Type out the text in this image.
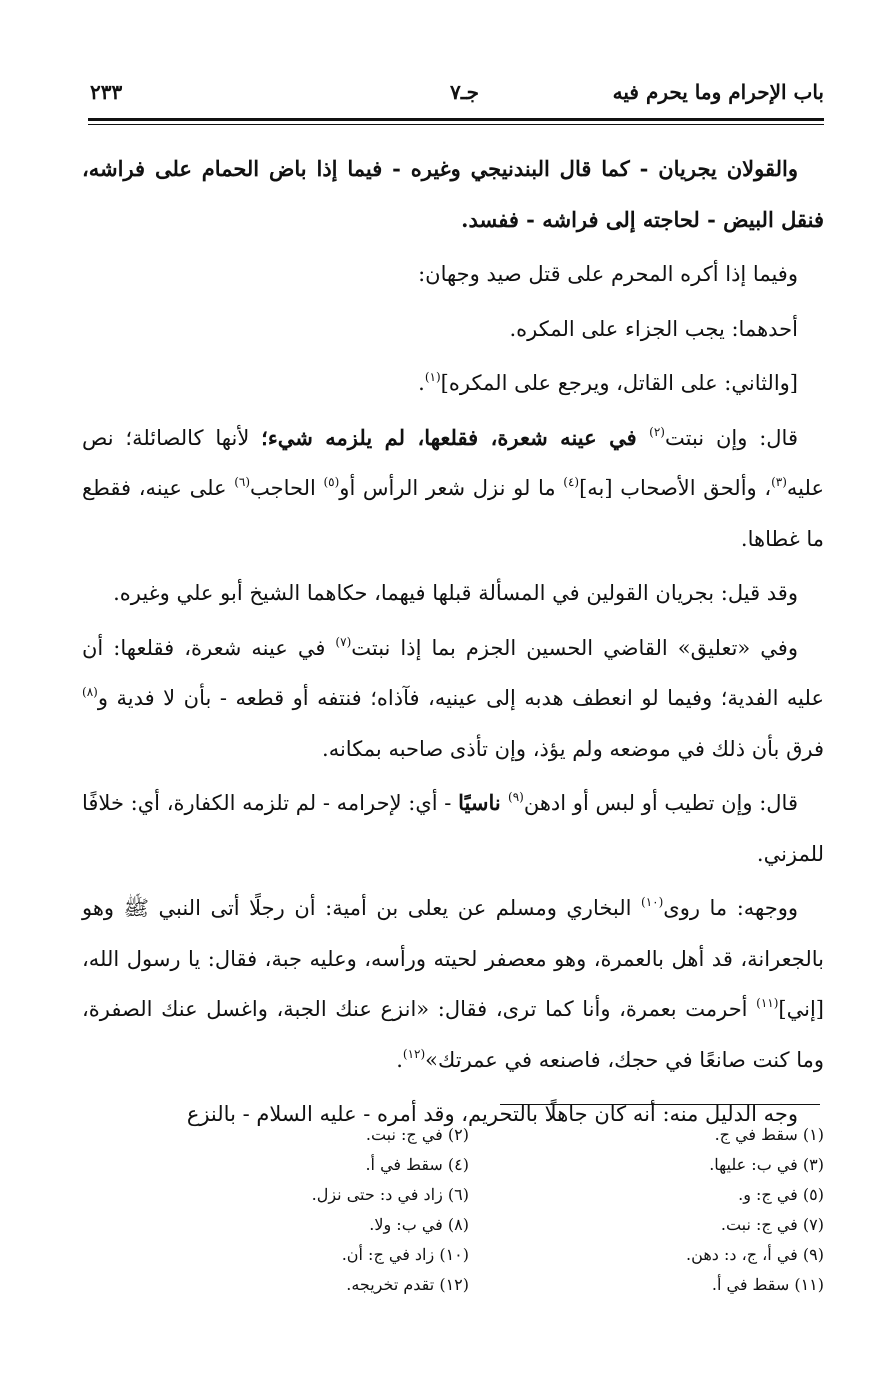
باب الإحرام وما يحرم فيه
جـ٧
٢٣٣

والقولان يجريان - كما قال البندنيجي وغيره - فيما إذا باض الحمام على فراشه، فنقل البيض - لحاجته إلى فراشه - ففسد.

وفيما إذا أكره المحرم على قتل صيد وجهان:

أحدهما: يجب الجزاء على المكره.

[والثاني: على القاتل، ويرجع على المكره]$^{(١)}$.

قال: وإن نبتت$^{(٢)}$ في عينه شعرة، فقلعها، لم يلزمه شيء؛ لأنها كالصائلة؛ نص عليه$^{(٣)}$، وألحق الأصحاب [به]$^{(٤)}$ ما لو نزل شعر الرأس أو$^{(٥)}$ الحاجب$^{(٦)}$ على عينه، فقطع ما غطاها.

وقد قيل: بجريان القولين في المسألة قبلها فيهما، حكاهما الشيخ أبو علي وغيره.

وفي «تعليق» القاضي الحسين الجزم بما إذا نبتت$^{(٧)}$ في عينه شعرة، فقلعها: أن عليه الفدية؛ وفيما لو انعطف هدبه إلى عينيه، فآذاه؛ فنتفه أو قطعه - بأن لا فدية و$^{(٨)}$ فرق بأن ذلك في موضعه ولم يؤذ، وإن تأذى صاحبه بمكانه.

قال: وإن تطيب أو لبس أو ادهن$^{(٩)}$ ناسيًا - أي: لإحرامه - لم تلزمه الكفارة، أي: خلافًا للمزني.

ووجهه: ما روى$^{(١٠)}$ البخاري ومسلم عن يعلى بن أمية: أن رجلًا أتى النبي ﷺ وهو بالجعرانة، قد أهل بالعمرة، وهو معصفر لحيته ورأسه، وعليه جبة، فقال: يا رسول الله، [إني]$^{(١١)}$ أحرمت بعمرة، وأنا كما ترى، فقال: «انزع عنك الجبة، واغسل عنك الصفرة، وما كنت صانعًا في حجك، فاصنعه في عمرتك»$^{(١٢)}$.

وجه الدليل منه: أنه كان جاهلًا بالتحريم، وقد أمره - عليه السلام - بالنزع

(١) سقط في ج.
(٣) في ب: عليها.
(٥) في ج: و.
(٧) في ج: نبت.
(٩) في أ، ج، د: دهن.
(١١) سقط في أ.
(٢) في ج: نبت.
(٤) سقط في أ.
(٦) زاد في د: حتى نزل.
(٨) في ب: ولا.
(١٠) زاد في ج: أن.
(١٢) تقدم تخريجه.
